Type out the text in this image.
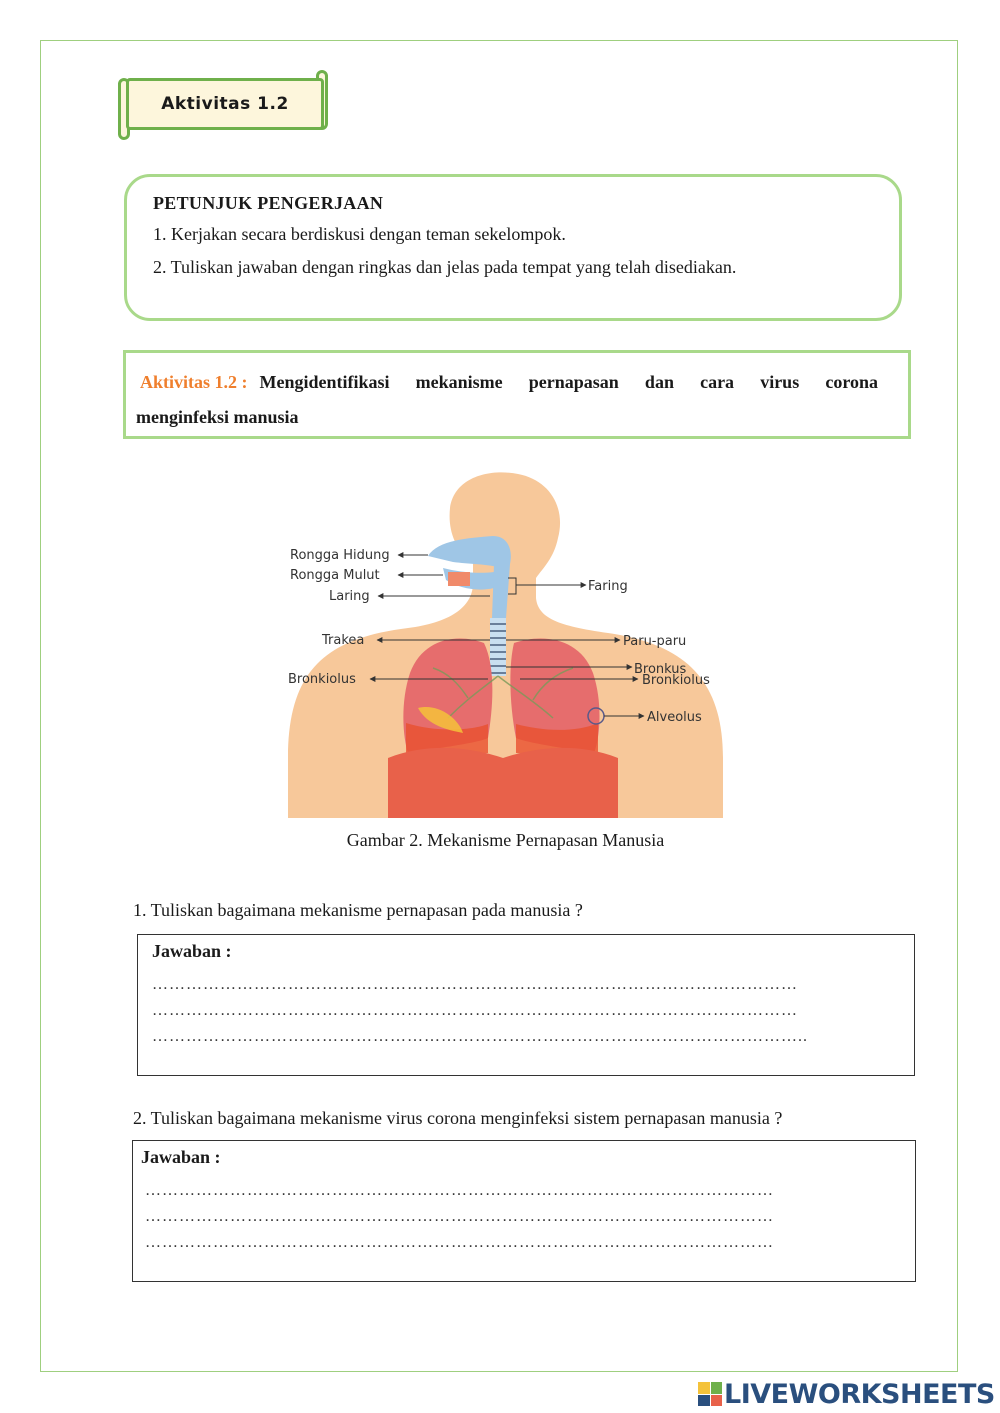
Aktivitas 1.2
PETUNJUK PENGERJAAN

1. Kerjakan secara berdiskusi dengan teman sekelompok.

2. Tuliskan jawaban dengan ringkas dan jelas pada tempat yang telah disediakan.

Aktivitas 1.2 : Mengidentifikasi mekanisme pernapasan dan cara virus corona
menginfeksi manusia
Rongga Hidung
Rongga Mulut
Laring
Trakea
Bronkiolus
Faring
Paru-paru
Bronkus
Bronkiolus
Alveolus
Gambar 2. Mekanisme Pernapasan Manusia
1. Tuliskan bagaimana mekanisme pernapasan pada manusia ?
Jawaban :
……………………………………………………………………………………………………
……………………………………………………………………………………………………
……………………………………………………………………………………………………..
2. Tuliskan bagaimana mekanisme virus corona menginfeksi sistem pernapasan manusia ?
Jawaban :
…………………………………………………………………………………………………
…………………………………………………………………………………………………
…………………………………………………………………………………………………
LIVEWORKSHEETS
